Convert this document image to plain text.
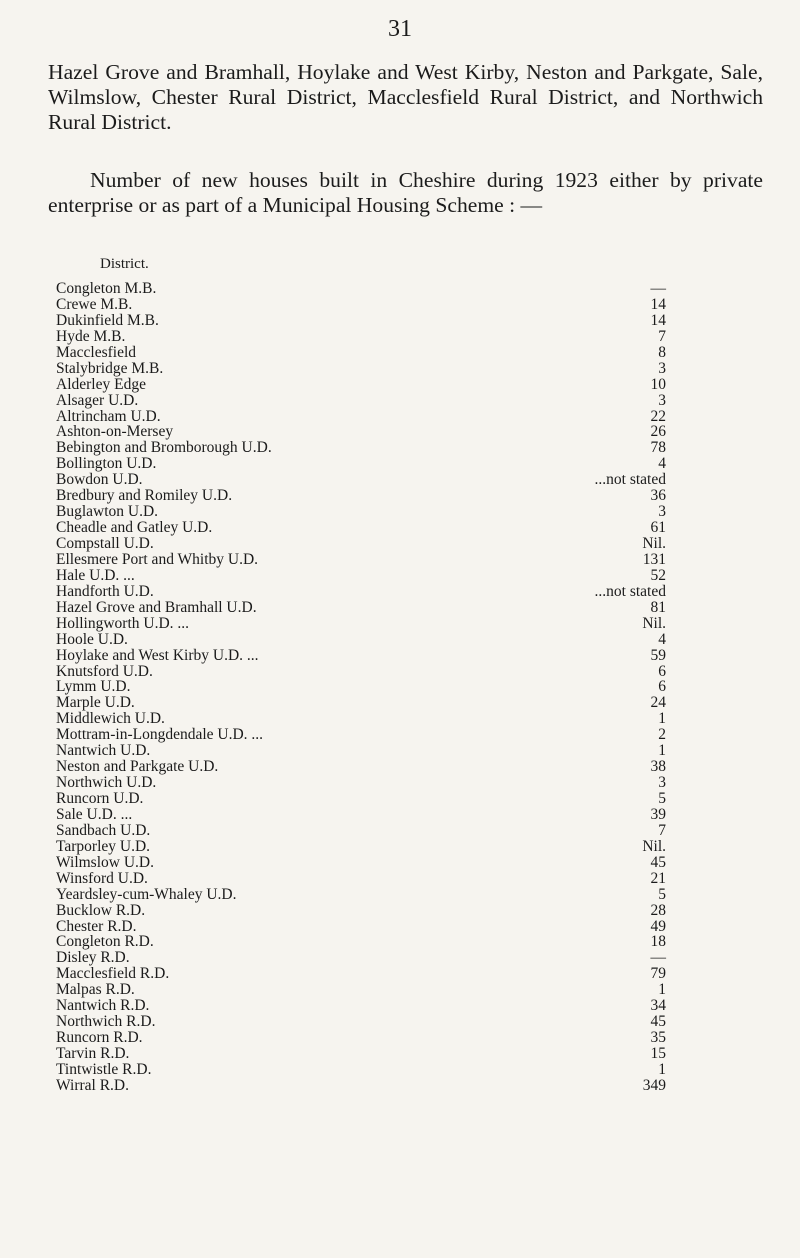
31
Hazel Grove and Bramhall, Hoylake and West Kirby, Neston and Parkgate, Sale, Wilmslow, Chester Rural District, Macclesfield Rural District, and Northwich Rural District.
Number of new houses built in Cheshire during 1923 either by private enterprise or as part of a Municipal Housing Scheme : —
District.
Congleton M.B.	—
Crewe M.B.	14
Dukinfield M.B.	14
Hyde M.B.	7
Macclesfield	8
Stalybridge M.B.	3
Alderley Edge	10
Alsager U.D.	3
Altrincham U.D.	22
Ashton-on-Mersey	26
Bebington and Bromborough U.D.	78
Bollington U.D.	4
Bowdon U.D.	...not stated
Bredbury and Romiley U.D.	36
Buglawton U.D.	3
Cheadle and Gatley U.D.	61
Compstall U.D.	Nil.
Ellesmere Port and Whitby U.D.	131
Hale U.D. ...	52
Handforth U.D.	...not stated
Hazel Grove and Bramhall U.D.	81
Hollingworth U.D. ...	Nil.
Hoole U.D.	4
Hoylake and West Kirby U.D. ...	59
Knutsford U.D.	6
Lymm U.D.	6
Marple U.D.	24
Middlewich U.D.	1
Mottram-in-Longdendale U.D. ...	2
Nantwich U.D.	1
Neston and Parkgate U.D.	38
Northwich U.D.	3
Runcorn U.D.	5
Sale U.D. ...	39
Sandbach U.D.	7
Tarporley U.D.	Nil.
Wilmslow U.D.	45
Winsford U.D.	21
Yeardsley-cum-Whaley U.D.	5
Bucklow R.D.	28
Chester R.D.	49
Congleton R.D.	18
Disley R.D.	—
Macclesfield R.D.	79
Malpas R.D.	1
Nantwich R.D.	34
Northwich R.D.	45
Runcorn R.D.	35
Tarvin R.D.	15
Tintwistle R.D.	1
Wirral R.D.	349
